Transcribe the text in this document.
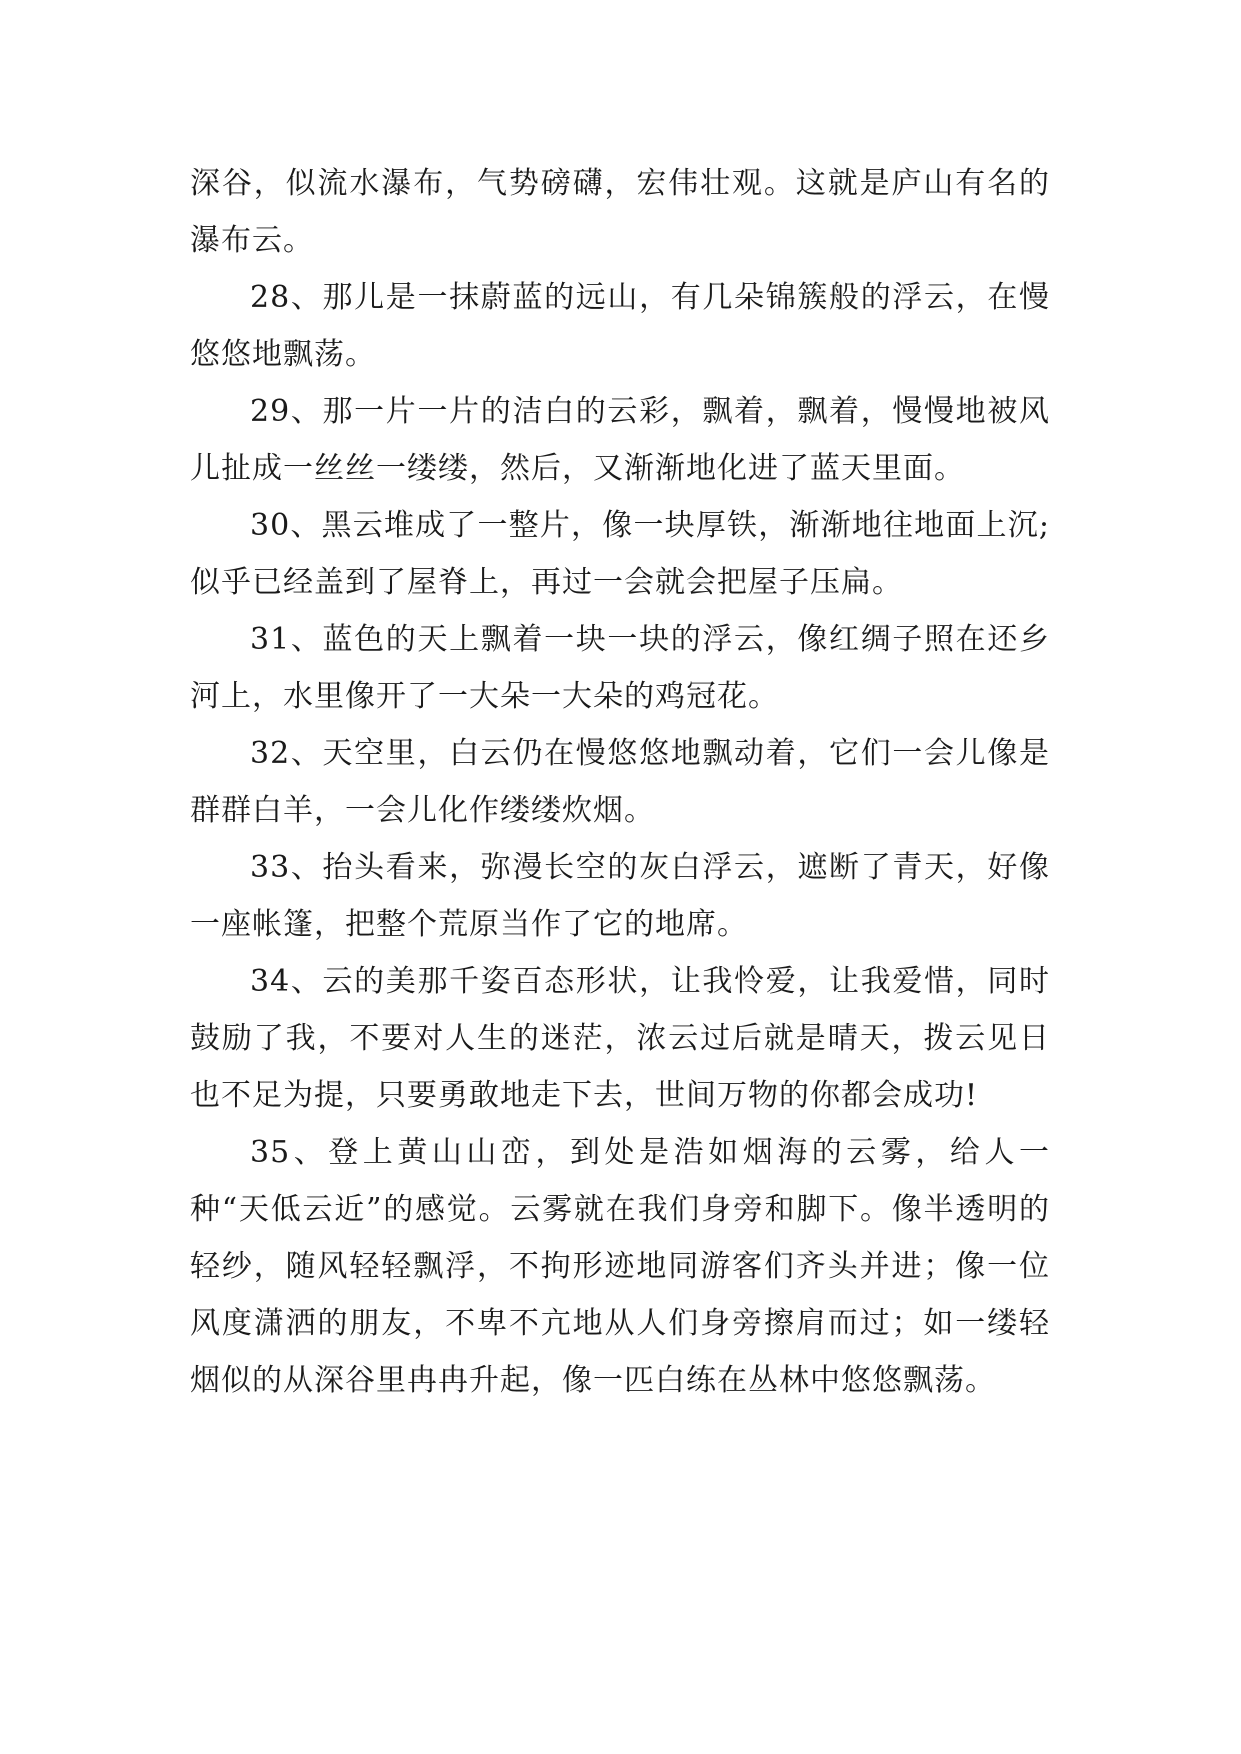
深谷，似流水瀑布，气势磅礴，宏伟壮观。这就是庐山有名的瀑布云。

28、那儿是一抹蔚蓝的远山，有几朵锦簇般的浮云，在慢悠悠地飘荡。

29、那一片一片的洁白的云彩，飘着，飘着，慢慢地被风儿扯成一丝丝一缕缕，然后，又渐渐地化进了蓝天里面。

30、黑云堆成了一整片，像一块厚铁，渐渐地往地面上沉;似乎已经盖到了屋脊上，再过一会就会把屋子压扁。

31、蓝色的天上飘着一块一块的浮云，像红绸子照在还乡河上，水里像开了一大朵一大朵的鸡冠花。

32、天空里，白云仍在慢悠悠地飘动着，它们一会儿像是群群白羊，一会儿化作缕缕炊烟。

33、抬头看来，弥漫长空的灰白浮云，遮断了青天，好像一座帐篷，把整个荒原当作了它的地席。

34、云的美那千姿百态形状，让我怜爱，让我爱惜，同时鼓励了我，不要对人生的迷茫，浓云过后就是晴天，拨云见日也不足为提，只要勇敢地走下去，世间万物的你都会成功!

35、登上黄山山峦，到处是浩如烟海的云雾，给人一种“天低云近”的感觉。云雾就在我们身旁和脚下。像半透明的轻纱，随风轻轻飘浮，不拘形迹地同游客们齐头并进；像一位风度潇洒的朋友，不卑不亢地从人们身旁擦肩而过；如一缕轻烟似的从深谷里冉冉升起，像一匹白练在丛林中悠悠飘荡。
